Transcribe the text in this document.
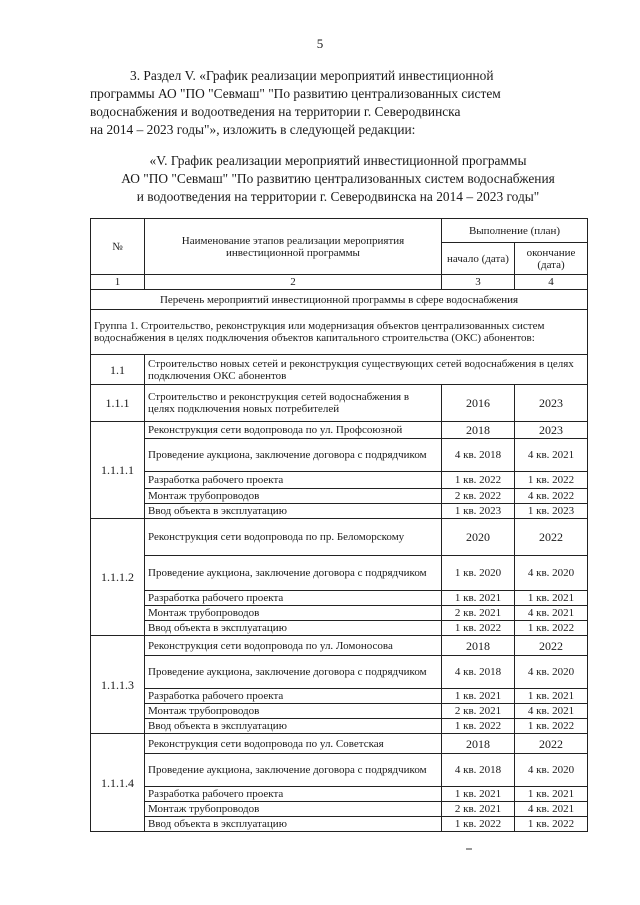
5
3. Раздел V. «График реализации мероприятий инвестиционной
программы АО "ПО "Севмаш" "По развитию централизованных систем
водоснабжения и водоотведения на территории г. Северодвинска
на 2014 – 2023 годы"», изложить в следующей редакции:
«V. График реализации мероприятий инвестиционной программы
АО "ПО "Севмаш" "По развитию централизованных систем водоснабжения
и водоотведения на территории г. Северодвинска на 2014 – 2023 годы"
№	Наименование этапов реализации мероприятия инвестиционной программы	Выполнение (план)	
		начало (дата)	окончание (дата)
1	2	3	4
Перечень мероприятий инвестиционной программы в сфере водоснабжения			
Группа 1. Строительство, реконструкция или модернизация объектов централизованных систем водоснабжения в целях подключения объектов капитального строительства (ОКС) абонентов:			
1.1	Строительство новых сетей и реконструкция существующих сетей водоснабжения в целях подключения ОКС абонентов		
1.1.1	Строительство и реконструкция сетей водоснабжения в целях подключения новых потребителей	2016	2023
1.1.1.1	Реконструкция сети водопровода по ул. Профсоюзной	2018	2023
	Проведение аукциона, заключение договора с подрядчиком	4 кв. 2018	4 кв. 2021
	Разработка рабочего проекта	1 кв. 2022	1 кв. 2022
	Монтаж трубопроводов	2 кв. 2022	4 кв. 2022
	Ввод объекта в эксплуатацию	1 кв. 2023	1 кв. 2023
1.1.1.2	Реконструкция сети водопровода по пр. Беломорскому	2020	2022
	Проведение аукциона, заключение договора с подрядчиком	1 кв. 2020	4 кв. 2020
	Разработка рабочего проекта	1 кв. 2021	1 кв. 2021
	Монтаж трубопроводов	2 кв. 2021	4 кв. 2021
	Ввод объекта в эксплуатацию	1 кв. 2022	1 кв. 2022
1.1.1.3	Реконструкция сети водопровода по ул. Ломоносова	2018	2022
	Проведение аукциона, заключение договора с подрядчиком	4 кв. 2018	4 кв. 2020
	Разработка рабочего проекта	1 кв. 2021	1 кв. 2021
	Монтаж трубопроводов	2 кв. 2021	4 кв. 2021
	Ввод объекта в эксплуатацию	1 кв. 2022	1 кв. 2022
1.1.1.4	Реконструкция сети водопровода по ул. Советская	2018	2022
	Проведение аукциона, заключение договора с подрядчиком	4 кв. 2018	4 кв. 2020
	Разработка рабочего проекта	1 кв. 2021	1 кв. 2021
	Монтаж трубопроводов	2 кв. 2021	4 кв. 2021
	Ввод объекта в эксплуатацию	1 кв. 2022	1 кв. 2022
